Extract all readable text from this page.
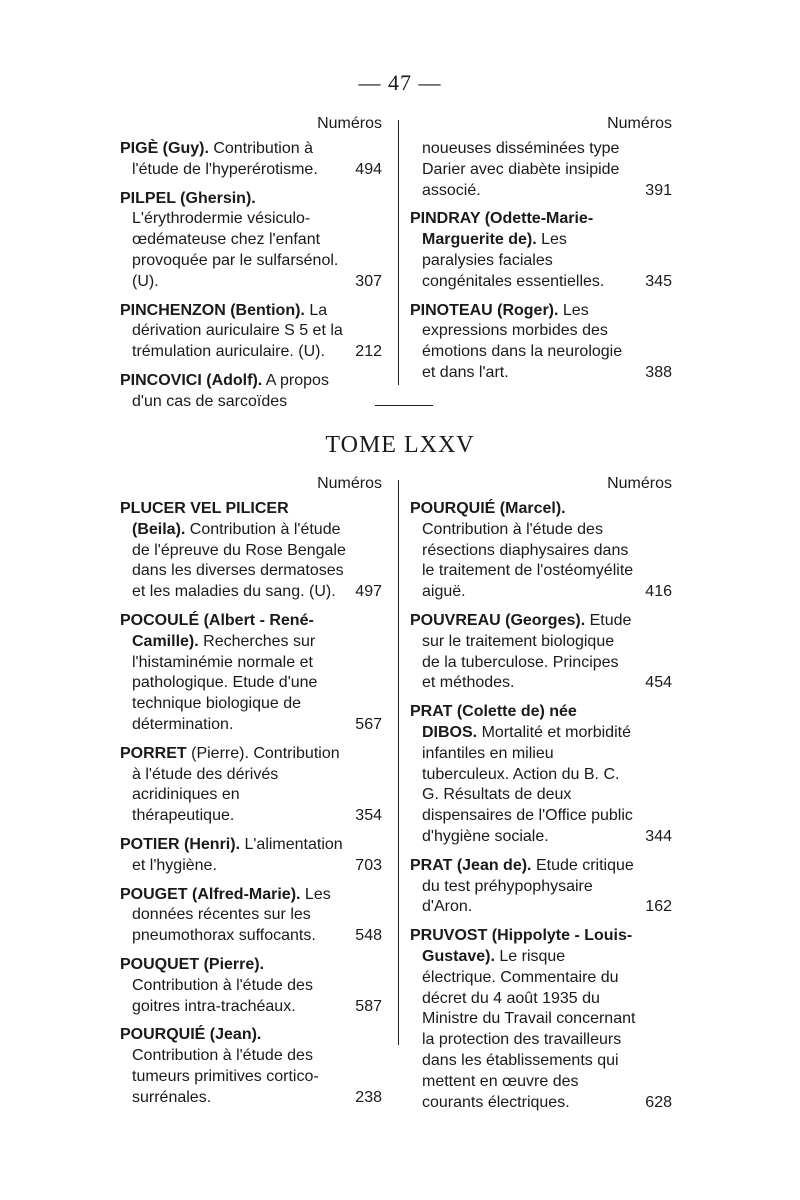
— 47 —
Numéros
PIGÈ (Guy). Contribution à l'étude de l'hyperérotisme.	494
PILPEL (Ghersin). L'érythrodermie vésiculo-œdémateuse chez l'enfant provoquée par le sulfarsénol. (U).	307
PINCHENZON (Bention). La dérivation auriculaire S 5 et la trémulation auriculaire. (U).	212
PINCOVICI (Adolf). A propos d'un cas de sarcoïdes
Numéros
noueuses disséminées type Darier avec diabète insipide associé.	391
PINDRAY (Odette-Marie-Marguerite de). Les paralysies faciales congénitales essentielles.	345
PINOTEAU (Roger). Les expressions morbides des émotions dans la neurologie et dans l'art.	388
TOME LXXV
Numéros
PLUCER VEL PILICER (Beila). Contribution à l'étude de l'épreuve du Rose Bengale dans les diverses dermatoses et les maladies du sang. (U).	497
POCOULÉ (Albert - René-Camille). Recherches sur l'histaminémie normale et pathologique. Etude d'une technique biologique de détermination.	567
PORRET (Pierre). Contribution à l'étude des dérivés acridiniques en thérapeutique.	354
POTIER (Henri). L'alimentation et l'hygiène.	703
POUGET (Alfred-Marie). Les données récentes sur les pneumothorax suffocants.	548
POUQUET (Pierre). Contribution à l'étude des goitres intra-trachéaux.	587
POURQUIÉ (Jean). Contribution à l'étude des tumeurs primitives cortico-surrénales.	238
Numéros
POURQUIÉ (Marcel). Contribution à l'étude des résections diaphysaires dans le traitement de l'ostéomyélite aiguë.	416
POUVREAU (Georges). Etude sur le traitement biologique de la tuberculose. Principes et méthodes.	454
PRAT (Colette de) née DIBOS. Mortalité et morbidité infantiles en milieu tuberculeux. Action du B. C. G. Résultats de deux dispensaires de l'Office public d'hygiène sociale.	344
PRAT (Jean de). Etude critique du test préhypophysaire d'Aron.	162
PRUVOST (Hippolyte - Louis-Gustave). Le risque électrique. Commentaire du décret du 4 août 1935 du Ministre du Travail concernant la protection des travailleurs dans les établissements qui mettent en œuvre des courants électriques.	628
